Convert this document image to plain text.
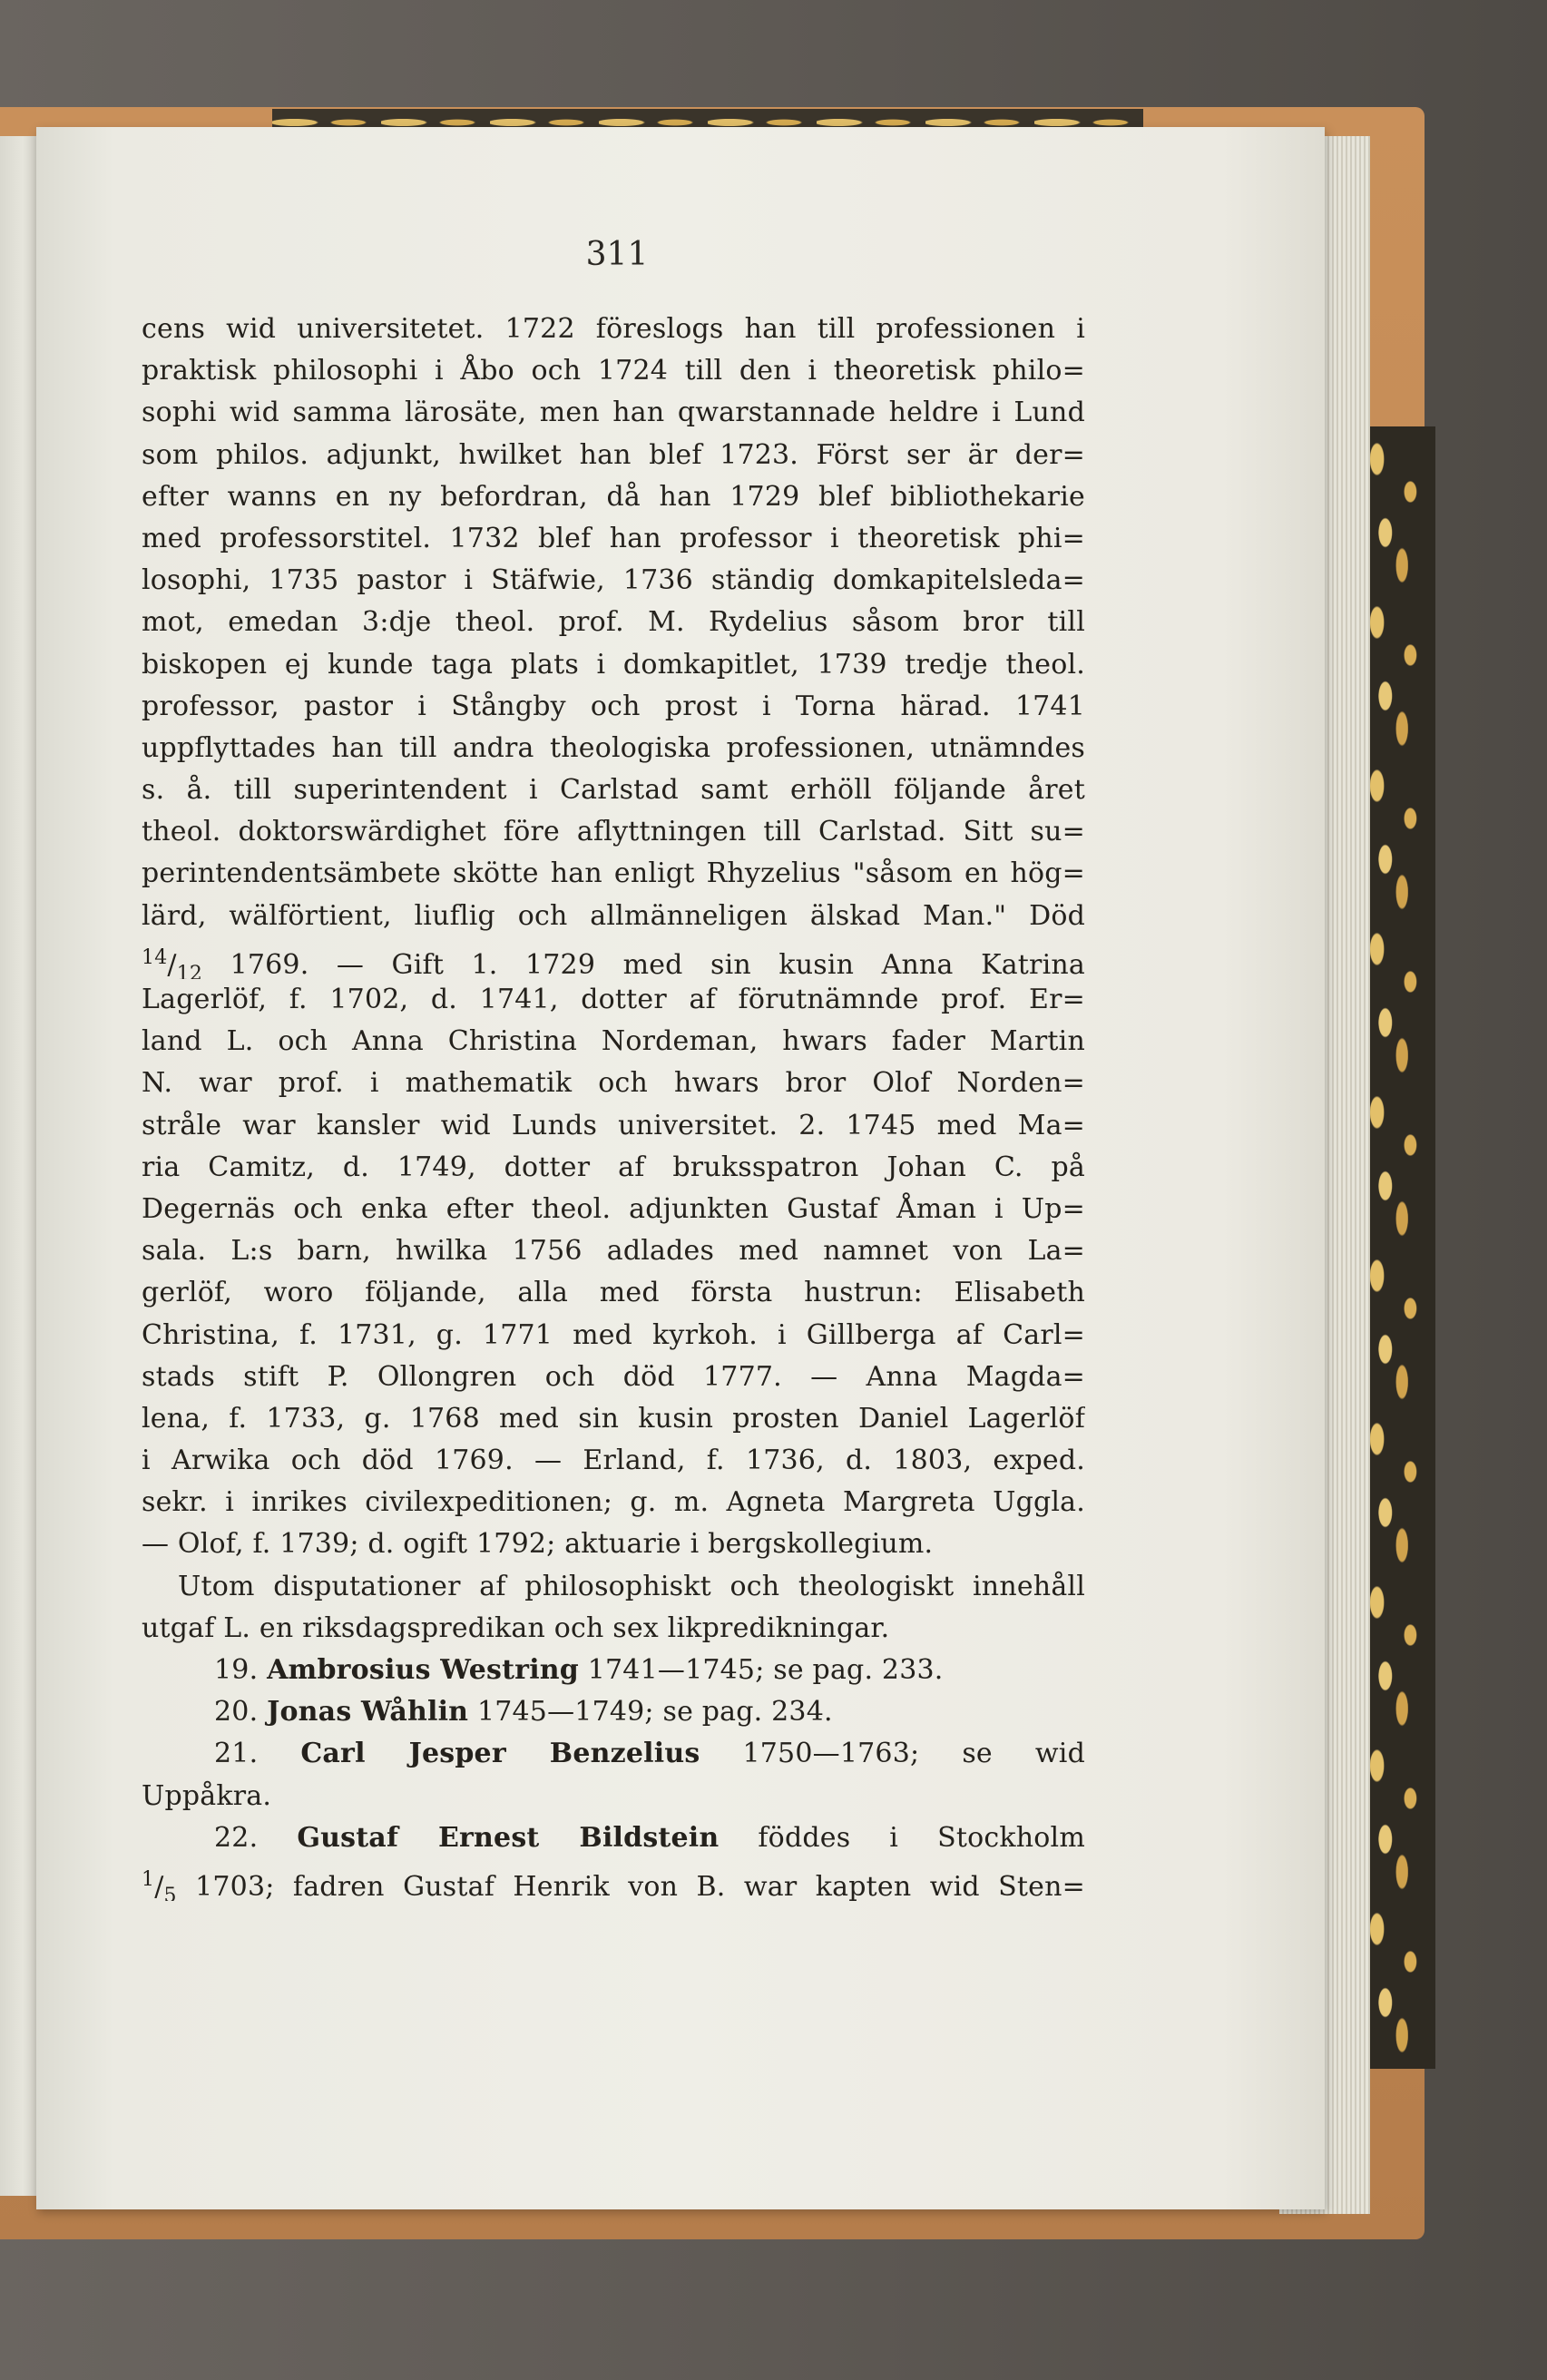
311
cens wid universitetet. 1722 föreslogs han till professionen i
praktisk philosophi i Åbo och 1724 till den i theoretisk philo=
sophi wid samma lärosäte, men han qwarstannade heldre i Lund
som philos. adjunkt, hwilket han blef 1723. Först ser är der=
efter wanns en ny befordran, då han 1729 blef bibliothekarie
med professorstitel. 1732 blef han professor i theoretisk phi=
losophi, 1735 pastor i Stäfwie, 1736 ständig domkapitelsleda=
mot, emedan 3:dje theol. prof. M. Rydelius såsom bror till
biskopen ej kunde taga plats i domkapitlet, 1739 tredje theol.
professor, pastor i Stångby och prost i Torna härad. 1741
uppflyttades han till andra theologiska professionen, utnämndes
s. å. till superintendent i Carlstad samt erhöll följande året
theol. doktorswärdighet före aflyttningen till Carlstad. Sitt su=
perintendentsämbete skötte han enligt Rhyzelius "såsom en hög=
lärd, wälförtient, liuflig och allmänneligen älskad Man." Död
$^{14}/_{12}$ 1769. — Gift 1. 1729 med sin kusin Anna Katrina
Lagerlöf, f. 1702, d. 1741, dotter af förutnämnde prof. Er=
land L. och Anna Christina Nordeman, hwars fader Martin
N. war prof. i mathematik och hwars bror Olof Norden=
stråle war kansler wid Lunds universitet. 2. 1745 med Ma=
ria Camitz, d. 1749, dotter af bruksspatron Johan C. på
Degernäs och enka efter theol. adjunkten Gustaf Åman i Up=
sala. L:s barn, hwilka 1756 adlades med namnet von La=
gerlöf, woro följande, alla med första hustrun: Elisabeth
Christina, f. 1731, g. 1771 med kyrkoh. i Gillberga af Carl=
stads stift P. Ollongren och död 1777. — Anna Magda=
lena, f. 1733, g. 1768 med sin kusin prosten Daniel Lagerlöf
i Arwika och död 1769. — Erland, f. 1736, d. 1803, exped.
sekr. i inrikes civilexpeditionen; g. m. Agneta Margreta Uggla.
— Olof, f. 1739; d. ogift 1792; aktuarie i bergskollegium.
Utom disputationer af philosophiskt och theologiskt innehåll
utgaf L. en riksdagspredikan och sex likpredikningar.
19. Ambrosius Westring 1741—1745; se pag. 233.
20. Jonas Wåhlin 1745—1749; se pag. 234.
21. Carl Jesper Benzelius 1750—1763; se wid
Uppåkra.
22. Gustaf Ernest Bildstein föddes i Stockholm
$^1/_5$ 1703; fadren Gustaf Henrik von B. war kapten wid Sten=
